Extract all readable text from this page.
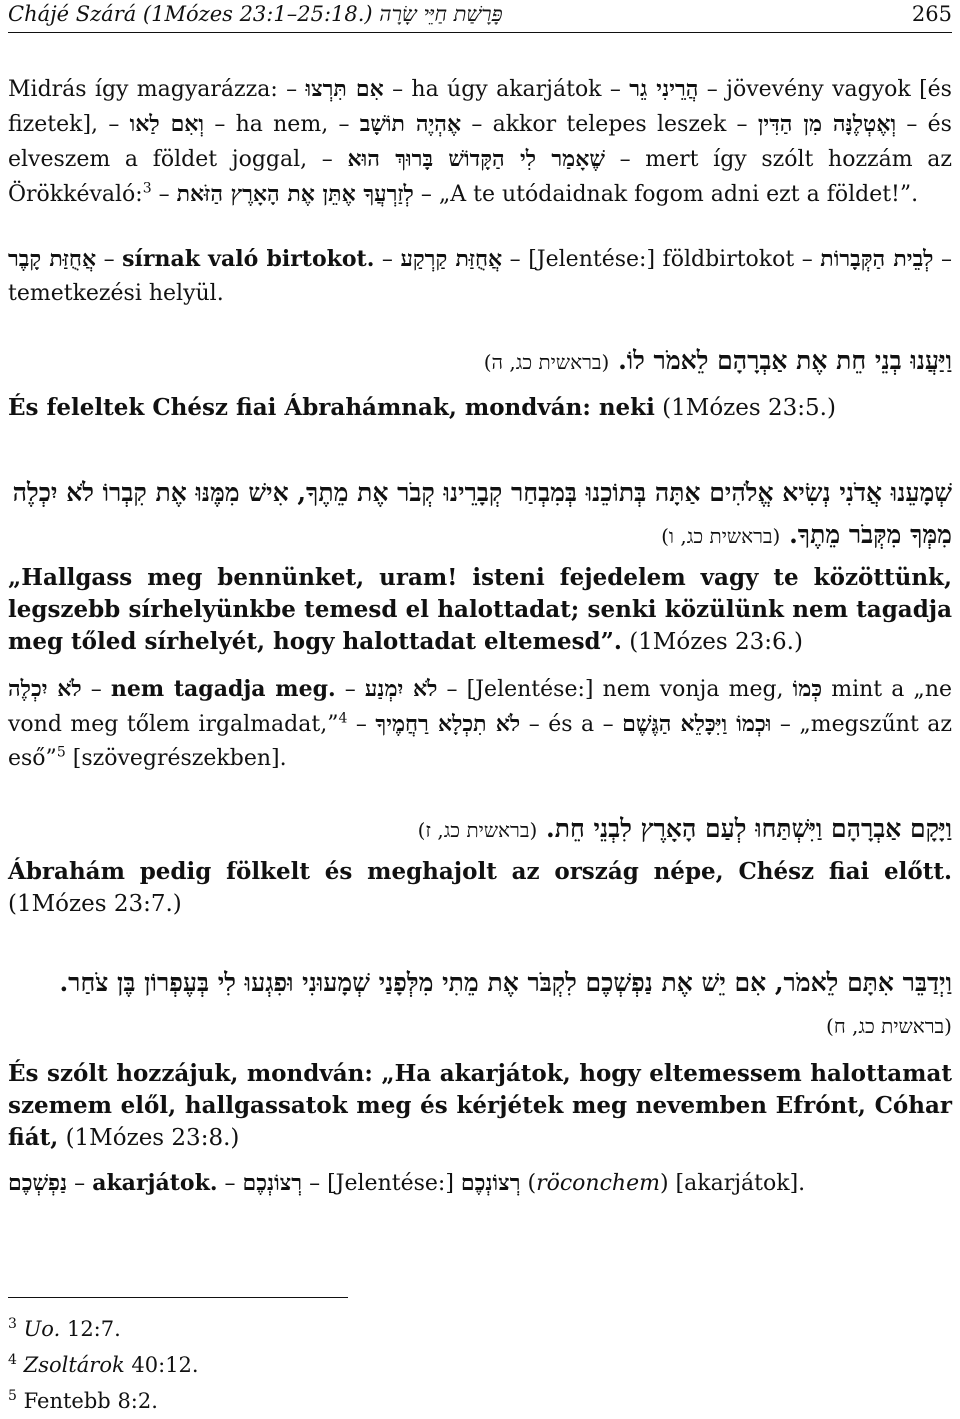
Chájé Szárá (1Mózes 23:1–25:18.) פָּרָשַׁת חַיֵּי שָׂרָה	265
Midrás így magyarázza: – אִם תִּרְצוּ – ha úgy akarjátok – הֲרֵינִי גֵר – jövevény vagyok [és fizetek], – וְאִם לַאו – ha nem, – אֶהְיֶה תוֹשָׁב – akkor telepes leszek – וְאֶטְלֶנָּה מִן הַדִּין – és elveszem a földet joggal, – שֶׁאָמַר לִי הַקָּדוֹשׁ בָּרוּךְ הוּא – mert így szólt hozzám az Örökkévaló:$^3$ – לְזַרְעֲךָ אֶתֵּן אֶת הָאָרֶץ הַזֹּאת – „A te utódaidnak fogom adni ezt a földet!”.
אֲחֻזַּת קָבֶר – sírnak való birtokot. – אֲחֻזַּת קַרְקַע – [Jelentése:] földbirtokot – לְבֵית הַקְּבָרוֹת – temetkezési helyül.
וַיַּעֲנוּ בְנֵי חֵת אֶת אַבְרָהָם לֵאמֹר לוֹ. (בראשית כג, ה)
És feleltek Chész fiai Ábrahámnak, mondván: neki (1Mózes 23:5.)
שְׁמָעֵנוּ אֲדֹנִי נְשִׂיא אֱלֹהִים אַתָּה בְּתוֹכֵנוּ בְּמִבְחַר קְבָרֵינוּ קְבֹר אֶת מֵתֶךָ, אִישׁ מִמֶּנּוּ אֶת קִבְרוֹ לֹא יִכְלֶה מִמְּךָ מִקְּבֹר מֵתֶךָ. (בראשית כג, ו)
„Hallgass meg bennünket, uram! isteni fejedelem vagy te közöttünk, legszebb sírhelyünkbe temesd el halottadat; senki közülünk nem tagadja meg tőled sírhelyét, hogy halottadat eltemesd”. (1Mózes 23:6.)
לֹא יִכְלֶה – nem tagadja meg. – לֹא יִמְנַע – [Jelentése:] nem vonja meg, כְּמוֹ mint a „ne vond meg tőlem irgalmadat,”$^4$ – לֹא תִכְלָא רַחֲמֶיךָ – és a – וּכְמוֹ וַיִּכָּלֵא הַגֶּשֶׁם – „megszűnt az eső”$^5$ [szövegrészekben].
וַיָּקָם אַבְרָהָם וַיִּשְׁתַּחוּ לְעַם הָאָרֶץ לִבְנֵי חֵת. (בראשית כג, ז)
Ábrahám pedig fölkelt és meghajolt az ország népe, Chész fiai előtt. (1Mózes 23:7.)
וַיְדַבֵּר אִתָּם לֵאמֹר, אִם יֵשׁ אֶת נַפְשְׁכֶם לִקְבֹּר אֶת מֵתִי מִלְּפָנַי שְׁמָעוּנִי וּפִגְעוּ לִי בְּעֶפְרוֹן בֶּן צֹחַר. (בראשית כג, ח)
És szólt hozzájuk, mondván: „Ha akarjátok, hogy eltemessem halottamat szemem elől, hallgassatok meg és kérjétek meg nevemben Efrónt, Cóhar fiát, (1Mózes 23:8.)
נַפְשְׁכֶם – akarjátok. – רְצוֹנְכֶם – [Jelentése:] רְצוֹנְכֶם (röconchem) [akarjátok].
$^3$ Uo. 12:7.
$^4$ Zsoltárok 40:12.
$^5$ Fentebb 8:2.
